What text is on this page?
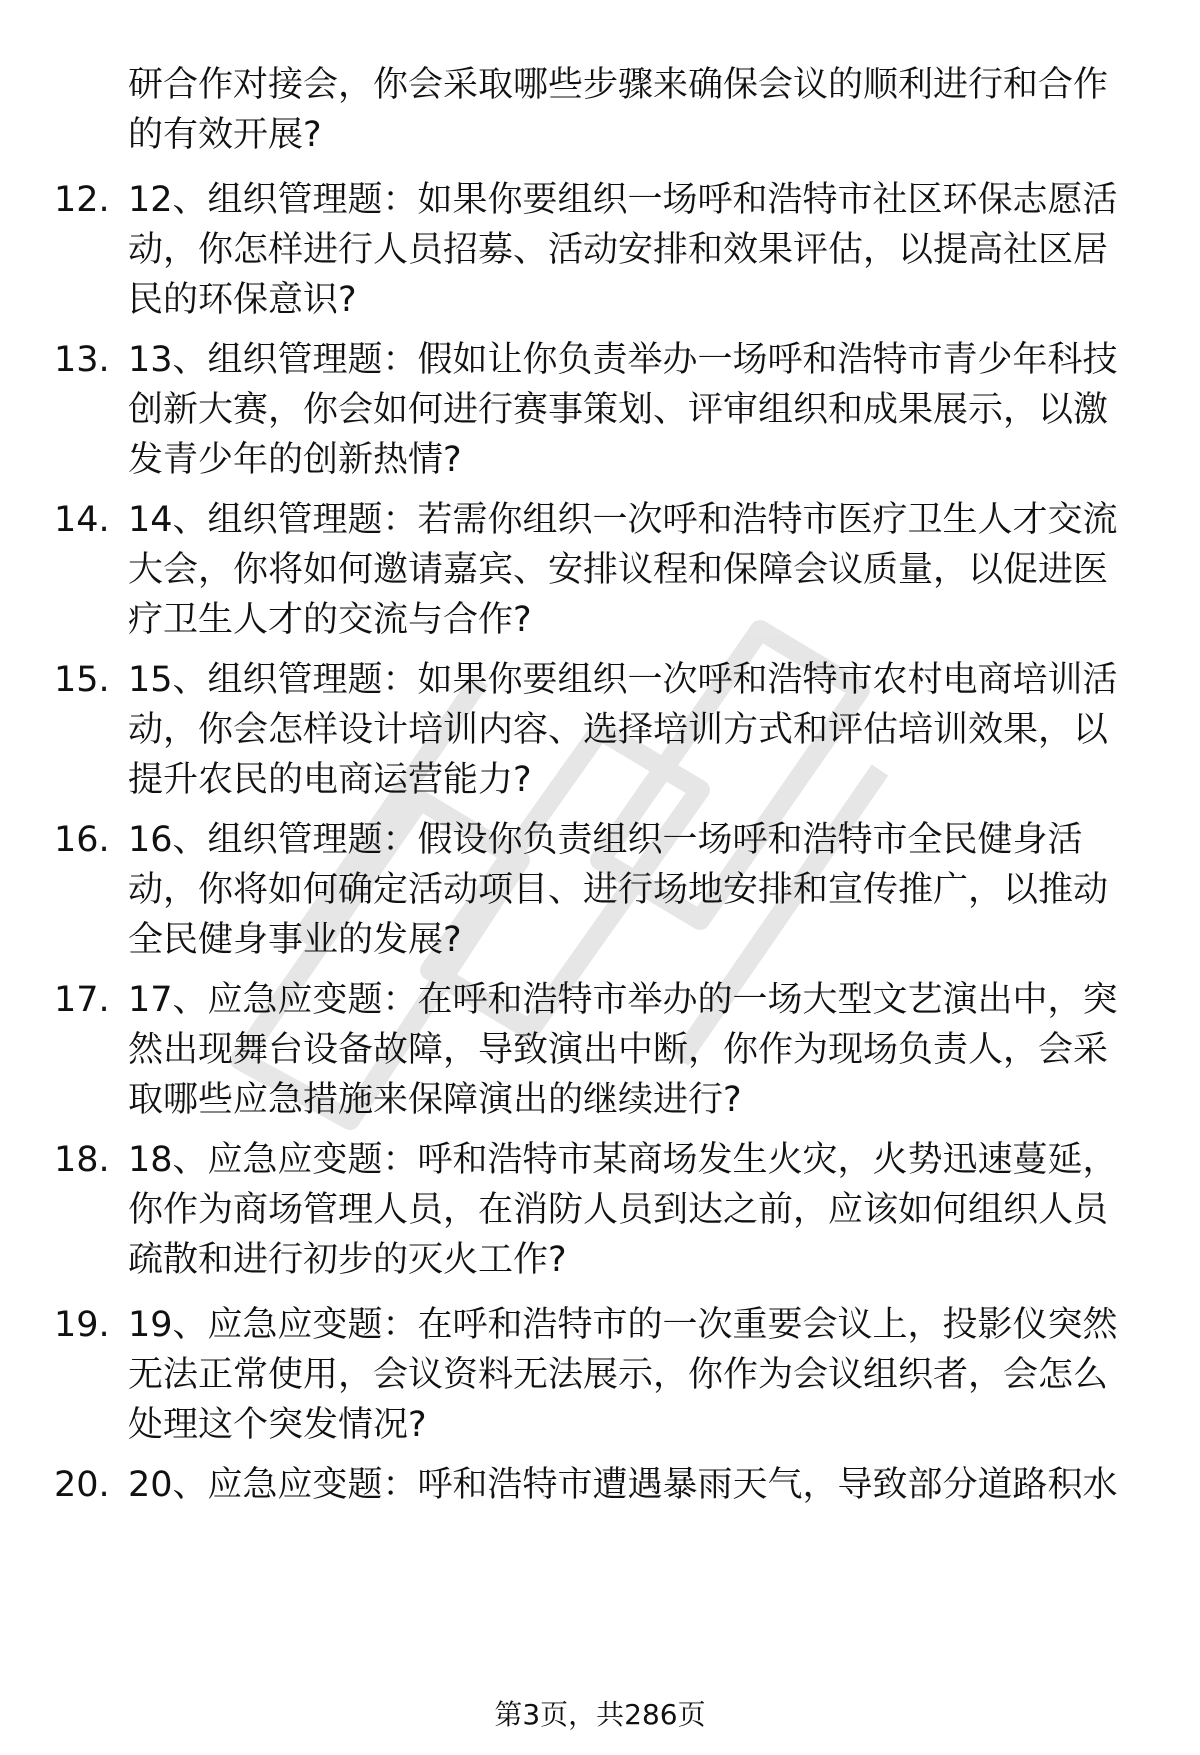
研合作对接会，你会采取哪些步骤来确保会议的顺利进行和合作的有效开展?

12. 12、组织管理题：如果你要组织一场呼和浩特市社区环保志愿活动，你怎样进行人员招募、活动安排和效果评估，以提高社区居民的环保意识?

13. 13、组织管理题：假如让你负责举办一场呼和浩特市青少年科技创新大赛，你会如何进行赛事策划、评审组织和成果展示，以激发青少年的创新热情?

14. 14、组织管理题：若需你组织一次呼和浩特市医疗卫生人才交流大会，你将如何邀请嘉宾、安排议程和保障会议质量，以促进医疗卫生人才的交流与合作?

15. 15、组织管理题：如果你要组织一次呼和浩特市农村电商培训活动，你会怎样设计培训内容、选择培训方式和评估培训效果，以提升农民的电商运营能力?

16. 16、组织管理题：假设你负责组织一场呼和浩特市全民健身活动，你将如何确定活动项目、进行场地安排和宣传推广，以推动全民健身事业的发展?

17. 17、应急应变题：在呼和浩特市举办的一场大型文艺演出中，突然出现舞台设备故障，导致演出中断，你作为现场负责人，会采取哪些应急措施来保障演出的继续进行?

18. 18、应急应变题：呼和浩特市某商场发生火灾，火势迅速蔓延，你作为商场管理人员，在消防人员到达之前，应该如何组织人员疏散和进行初步的灭火工作?

19. 19、应急应变题：在呼和浩特市的一次重要会议上，投影仪突然无法正常使用，会议资料无法展示，你作为会议组织者，会怎么处理这个突发情况?

20. 20、应急应变题：呼和浩特市遭遇暴雨天气，导致部分道路积水

第3页，共286页
